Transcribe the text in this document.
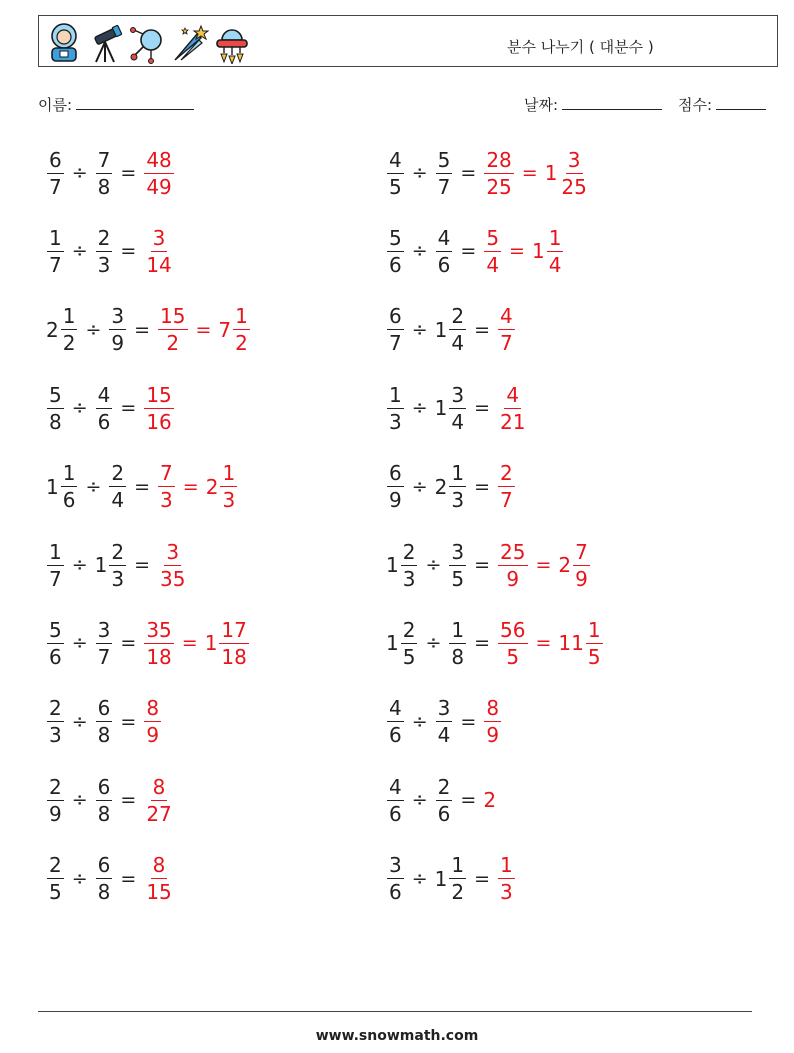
분수 나누기 ( 대분수 )
이름:	날짜:	점수:
$\frac{6}{7} \div \frac{7}{8} = \frac{48}{49}$	$\frac{4}{5} \div \frac{5}{7} = \frac{28}{25} = 1 \frac{3}{25}$
$\frac{1}{7} \div \frac{2}{3} = \frac{3}{14}$	$\frac{5}{6} \div \frac{4}{6} = \frac{5}{4} = 1 \frac{1}{4}$
$2 \frac{1}{2} \div \frac{3}{9} = \frac{15}{2} = 7 \frac{1}{2}$	$\frac{6}{7} \div 1 \frac{2}{4} = \frac{4}{7}$
$\frac{5}{8} \div \frac{4}{6} = \frac{15}{16}$	$\frac{1}{3} \div 1 \frac{3}{4} = \frac{4}{21}$
$1 \frac{1}{6} \div \frac{2}{4} = \frac{7}{3} = 2 \frac{1}{3}$	$\frac{6}{9} \div 2 \frac{1}{3} = \frac{2}{7}$
$\frac{1}{7} \div 1 \frac{2}{3} = \frac{3}{35}$	$1 \frac{2}{3} \div \frac{3}{5} = \frac{25}{9} = 2 \frac{7}{9}$
$\frac{5}{6} \div \frac{3}{7} = \frac{35}{18} = 1 \frac{17}{18}$	$1 \frac{2}{5} \div \frac{1}{8} = \frac{56}{5} = 11 \frac{1}{5}$
$\frac{2}{3} \div \frac{6}{8} = \frac{8}{9}$	$\frac{4}{6} \div \frac{3}{4} = \frac{8}{9}$
$\frac{2}{9} \div \frac{6}{8} = \frac{8}{27}$	$\frac{4}{6} \div \frac{2}{6} = 2$
$\frac{2}{5} \div \frac{6}{8} = \frac{8}{15}$	$\frac{3}{6} \div 1 \frac{1}{2} = \frac{1}{3}$
www.snowmath.com
